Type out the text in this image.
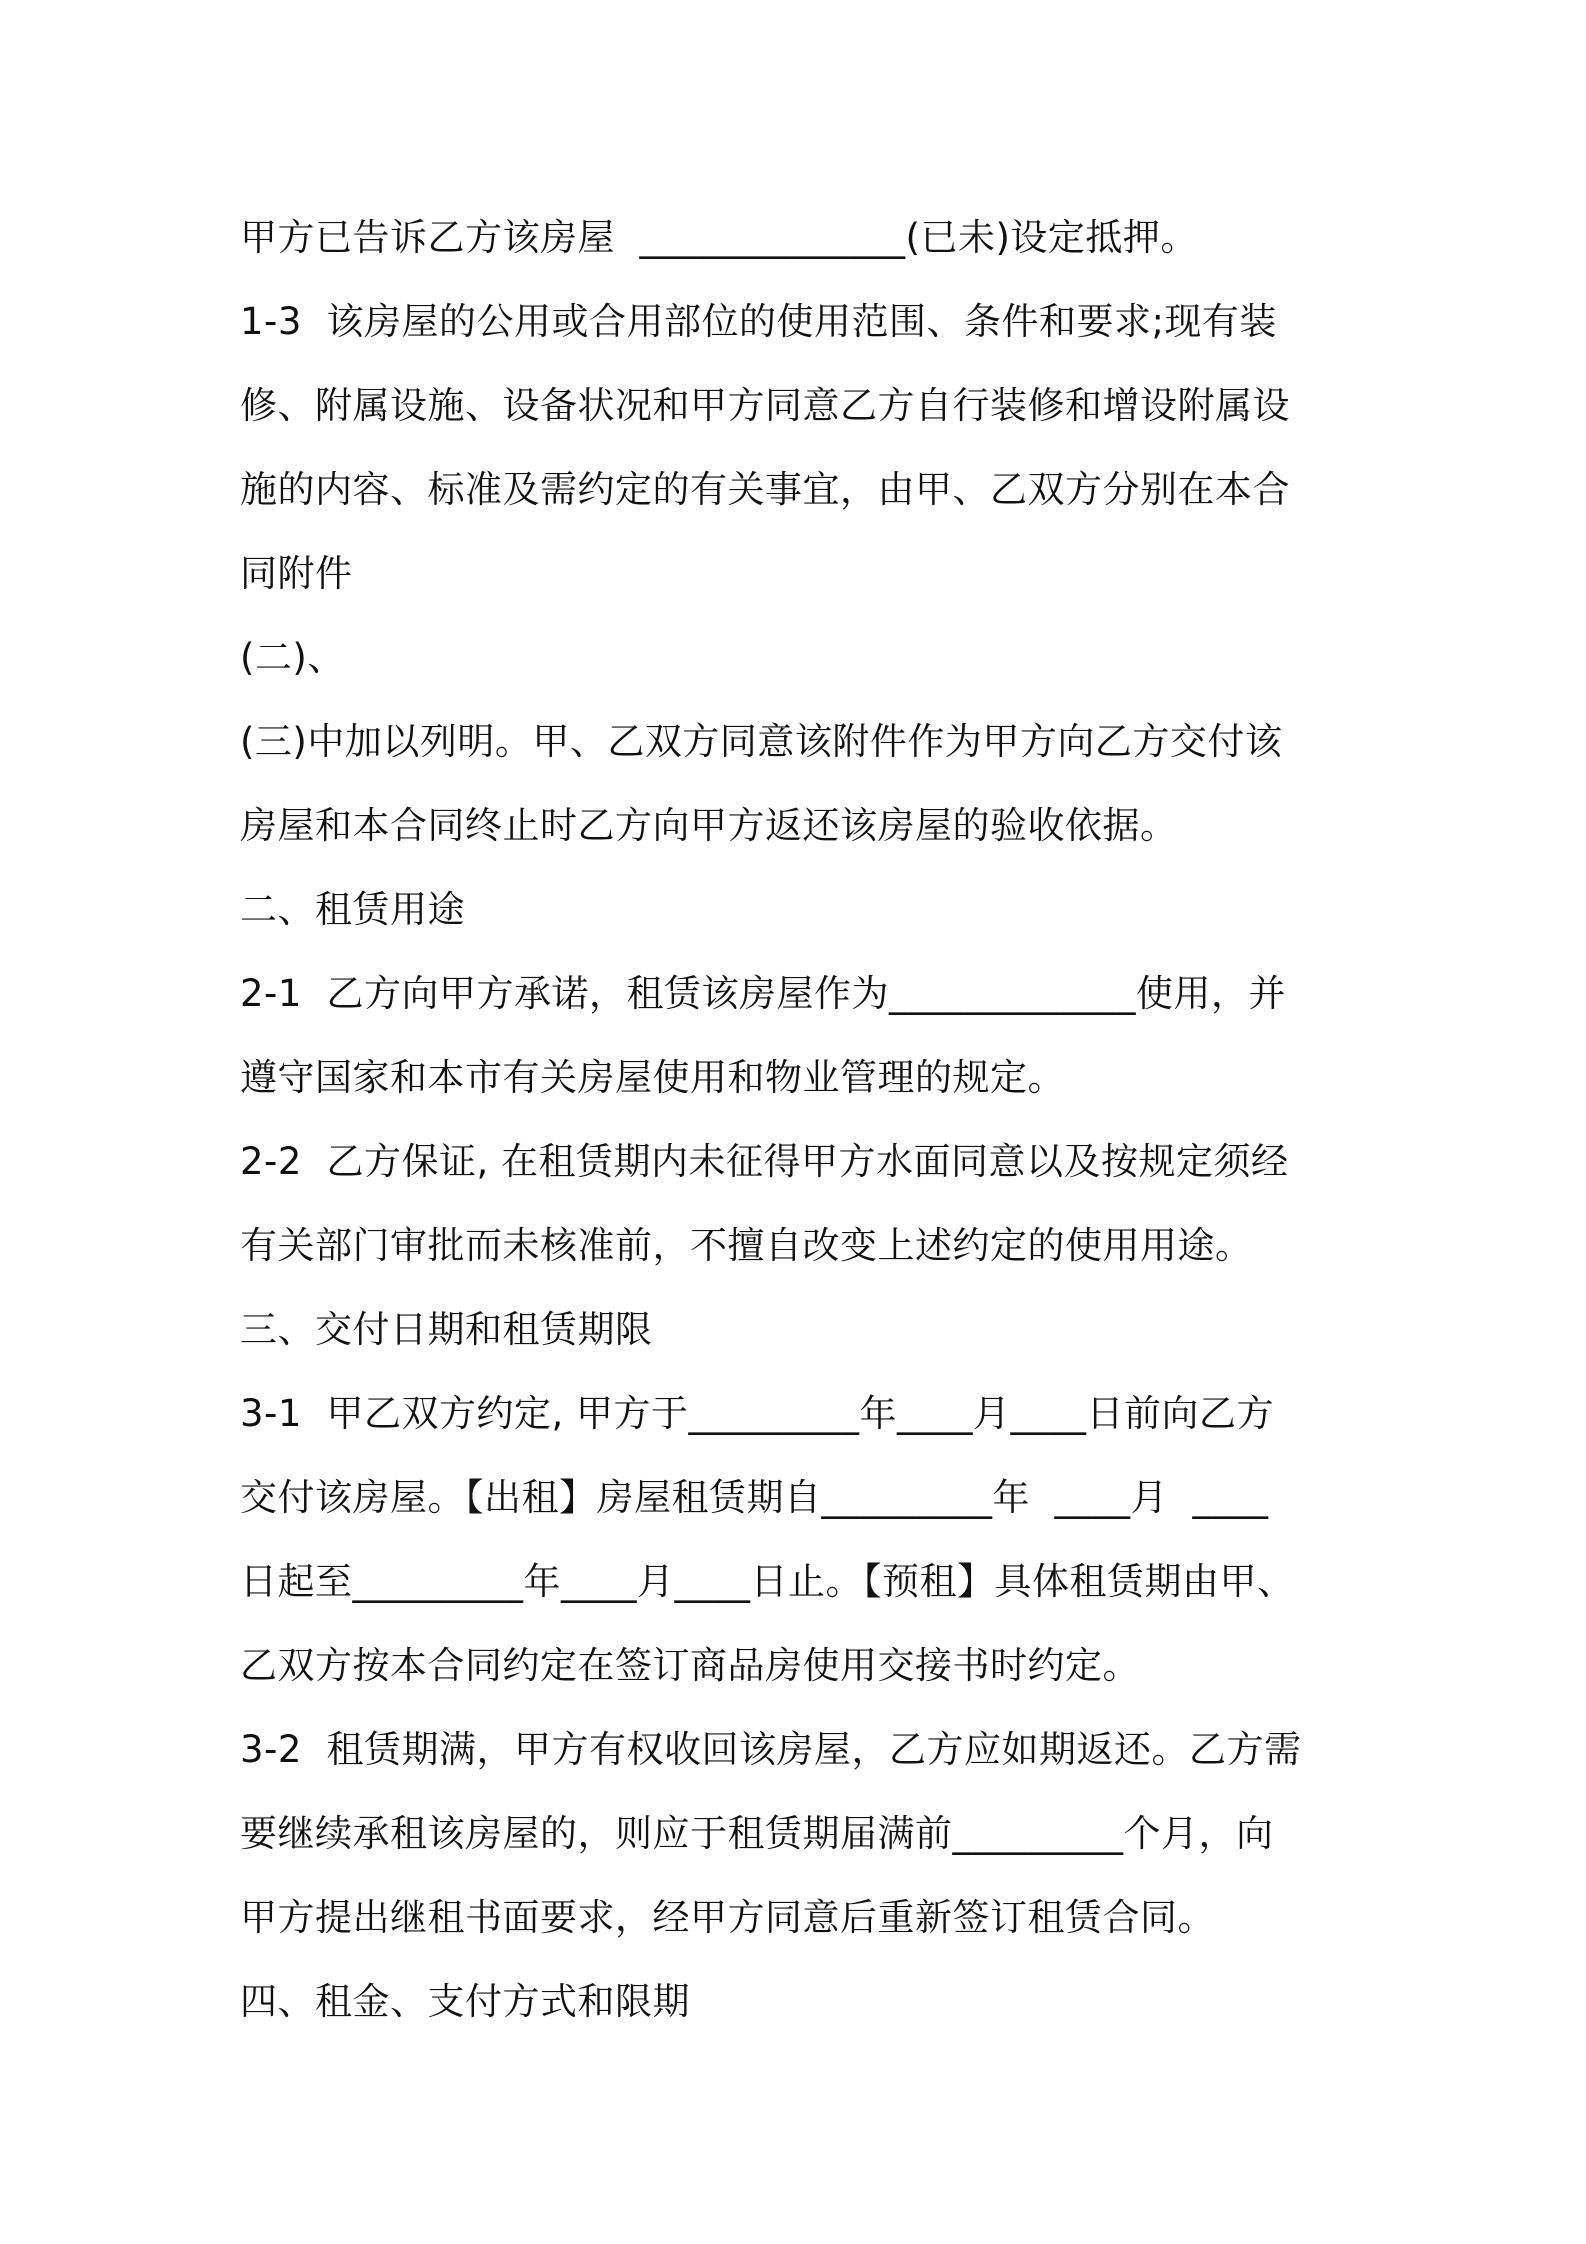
甲方已告诉乙方该房屋  ______________(已未)设定抵押。
1-3  该房屋的公用或合用部位的使用范围、条件和要求;现有装
修、附属设施、设备状况和甲方同意乙方自行装修和增设附属设
施的内容、标准及需约定的有关事宜，由甲、乙双方分别在本合
同附件
(二)、
(三)中加以列明。甲、乙双方同意该附件作为甲方向乙方交付该
房屋和本合同终止时乙方向甲方返还该房屋的验收依据。
二、租赁用途
2-1  乙方向甲方承诺，租赁该房屋作为_____________使用，并
遵守国家和本市有关房屋使用和物业管理的规定。
2-2  乙方保证, 在租赁期内未征得甲方水面同意以及按规定须经
有关部门审批而未核准前，不擅自改变上述约定的使用用途。
三、交付日期和租赁期限
3-1  甲乙双方约定, 甲方于_________年____月____日前向乙方
交付该房屋。【出租】房屋租赁期自_________年  ____月  ____
日起至_________年____月____日止。【预租】具体租赁期由甲、
乙双方按本合同约定在签订商品房使用交接书时约定。
3-2  租赁期满，甲方有权收回该房屋，乙方应如期返还。乙方需
要继续承租该房屋的，则应于租赁期届满前_________个月，向
甲方提出继租书面要求，经甲方同意后重新签订租赁合同。
四、租金、支付方式和限期
